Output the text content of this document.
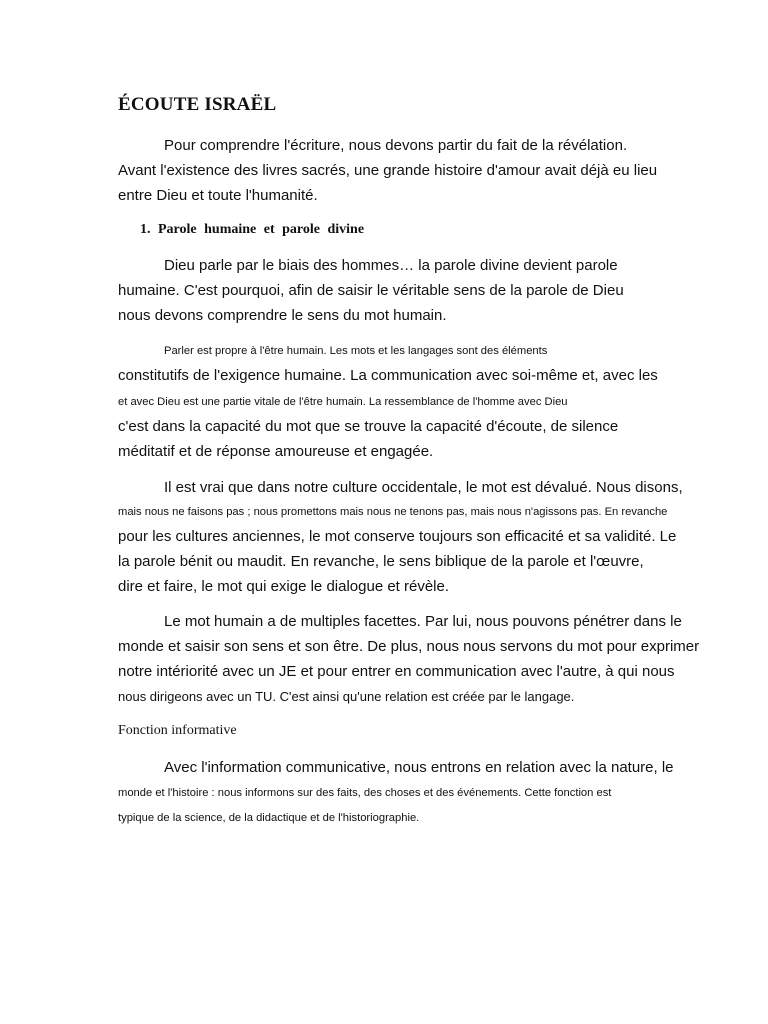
ÉCOUTE ISRAËL
Pour comprendre l'écriture, nous devons partir du fait de la révélation.
Avant l'existence des livres sacrés, une grande histoire d'amour avait déjà eu lieu
entre Dieu et toute l'humanité.
1. Parole humaine et parole divine
Dieu parle par le biais des hommes… la parole divine devient parole
humaine. C'est pourquoi, afin de saisir le véritable sens de la parole de Dieu
nous devons comprendre le sens du mot humain.
Parler est propre à l'être humain. Les mots et les langages sont des éléments
constitutifs de l'exigence humaine. La communication avec soi-même et, avec les
et avec Dieu est une partie vitale de l'être humain. La ressemblance de l'homme avec Dieu
c'est dans la capacité du mot que se trouve la capacité d'écoute, de silence
méditatif et de réponse amoureuse et engagée.
Il est vrai que dans notre culture occidentale, le mot est dévalué. Nous disons,
mais nous ne faisons pas ; nous promettons mais nous ne tenons pas, mais nous n'agissons pas. En revanche
pour les cultures anciennes, le mot conserve toujours son efficacité et sa validité. Le
la parole bénit ou maudit. En revanche, le sens biblique de la parole et l'œuvre,
dire et faire, le mot qui exige le dialogue et révèle.
Le mot humain a de multiples facettes. Par lui, nous pouvons pénétrer dans le
monde et saisir son sens et son être. De plus, nous nous servons du mot pour exprimer
notre intériorité avec un JE et pour entrer en communication avec l'autre, à qui nous
nous dirigeons avec un TU. C'est ainsi qu'une relation est créée par le langage.
Fonction informative
Avec l'information communicative, nous entrons en relation avec la nature, le
monde et l'histoire : nous informons sur des faits, des choses et des événements. Cette fonction est
typique de la science, de la didactique et de l'historiographie.
